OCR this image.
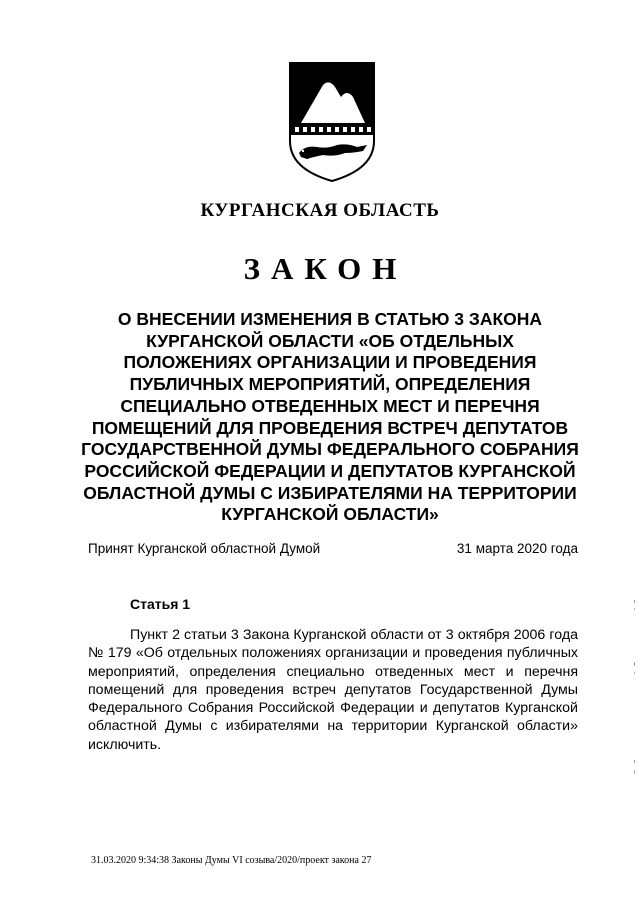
КУРГАНСКАЯ ОБЛАСТЬ
ЗАКОН
О ВНЕСЕНИИ ИЗМЕНЕНИЯ В СТАТЬЮ 3 ЗАКОНА КУРГАНСКОЙ ОБЛАСТИ «ОБ ОТДЕЛЬНЫХ ПОЛОЖЕНИЯХ ОРГАНИЗАЦИИ И ПРОВЕДЕНИЯ ПУБЛИЧНЫХ МЕРОПРИЯТИЙ, ОПРЕДЕЛЕНИЯ СПЕЦИАЛЬНО ОТВЕДЕННЫХ МЕСТ И ПЕРЕЧНЯ ПОМЕЩЕНИЙ ДЛЯ ПРОВЕДЕНИЯ ВСТРЕЧ ДЕПУТАТОВ ГОСУДАРСТВЕННОЙ ДУМЫ ФЕДЕРАЛЬНОГО СОБРАНИЯ РОССИЙСКОЙ ФЕДЕРАЦИИ И ДЕПУТАТОВ КУРГАНСКОЙ ОБЛАСТНОЙ ДУМЫ С ИЗБИРАТЕЛЯМИ НА ТЕРРИТОРИИ КУРГАНСКОЙ ОБЛАСТИ»
Принят Курганской областной Думой	31 марта 2020 года
Статья 1

Пункт 2 статьи 3 Закона Курганской области от 3 октября 2006 года № 179 «Об отдельных положениях организации и проведения публичных мероприятий, определения специально отведенных мест и перечня помещений для проведения встреч депутатов Государственной Думы Федерального Собрания Российской Федерации и депутатов Курганской областной Думы с избирателями на территории Курганской области» исключить.

31.03.2020 9:34:38 Законы Думы VI созыва/2020/проект закона 27
